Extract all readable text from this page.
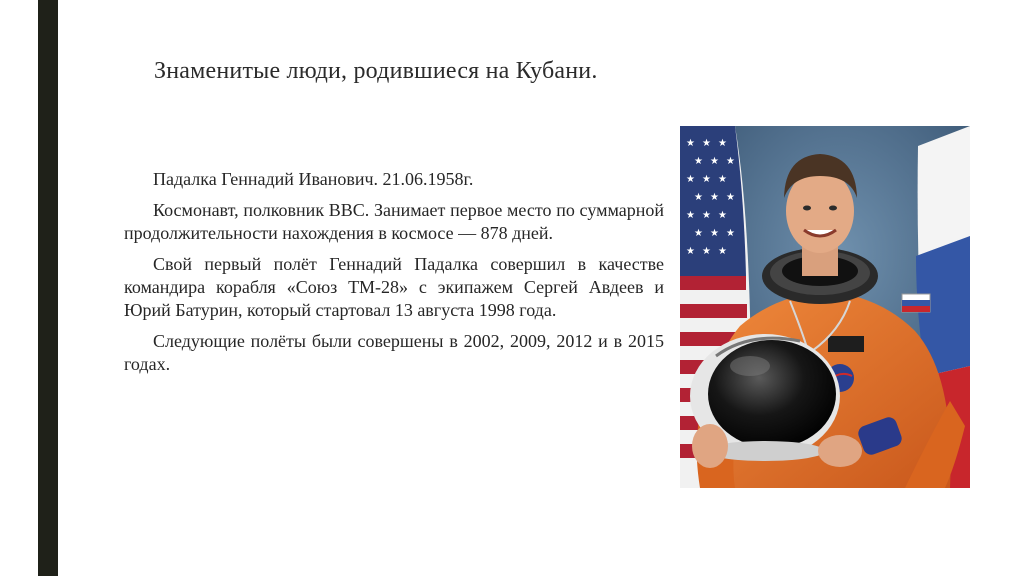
Знаменитые люди, родившиеся на Кубани.

Падалка Геннадий Иванович. 21.06.1958г.

Космонавт, полковник ВВС. Занимает первое место по суммарной продолжительности нахождения в космосе — 878 дней.

Свой первый полёт Геннадий Падалка совершил в качестве командира корабля «Союз ТМ-28» с экипажем Сергей Авдеев и Юрий Батурин, который стартовал 13 августа 1998 года.

Следующие полёты были совершены в 2002, 2009, 2012 и в 2015 годах.

★ ★ ★
★ ★ ★
★ ★ ★
★ ★ ★
★ ★ ★
★ ★ ★
★ ★ ★
